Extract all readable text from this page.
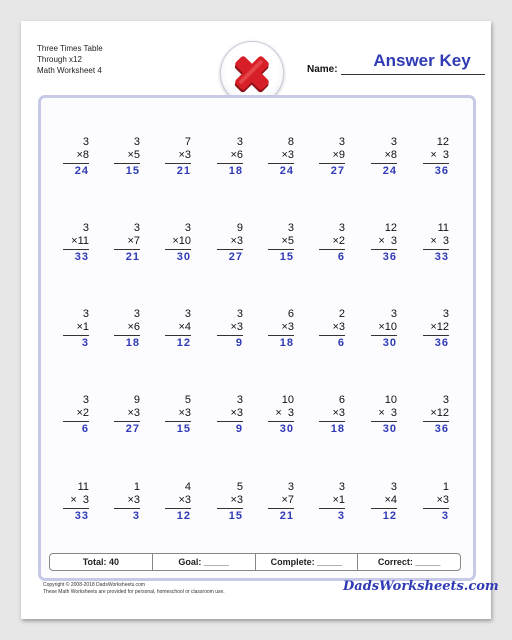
Three Times Table
Through x12
Math Worksheet 4	Name:	Answer Key
3
×8
24
3
×5
15
7
×3
21
3
×6
18
8
×3
24
3
×9
27
3
×8
24
12
×  3
36
3
×11
33
3
×7
21
3
×10
30
9
×3
27
3
×5
15
3
×2
6
12
×  3
36
11
×  3
33
3
×1
3
3
×6
18
3
×4
12
3
×3
9
6
×3
18
2
×3
6
3
×10
30
3
×12
36
3
×2
6
9
×3
27
5
×3
15
3
×3
9
10
×  3
30
6
×3
18
10
×  3
30
3
×12
36
11
×  3
33
1
×3
3
4
×3
12
5
×3
15
3
×7
21
3
×1
3
3
×4
12
1
×3
3
Total: 40	Goal: _____	Complete: _____	Correct: _____
Copyright © 2008-2018 DadsWorksheets.com
These Math Worksheets are provided for personal, homeschool or classroom use.	DadsWorksheets.com
